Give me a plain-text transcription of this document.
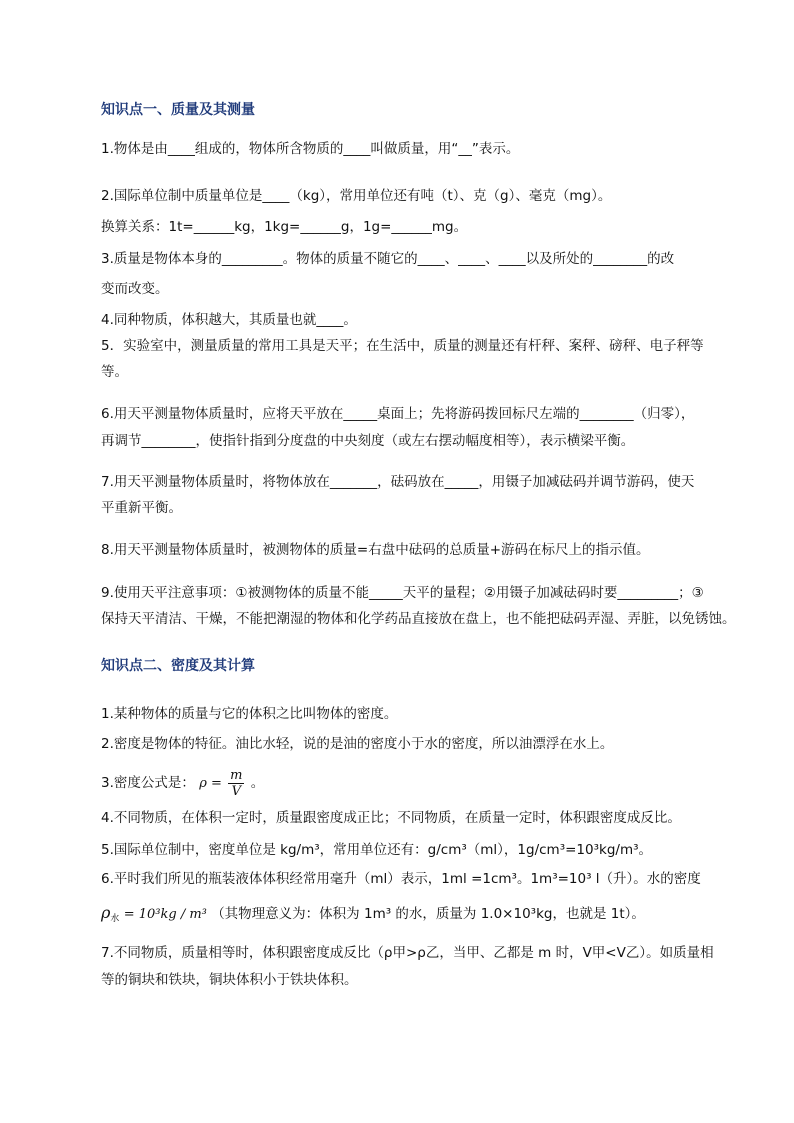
知识点一、质量及其测量
1.物体是由____组成的，物体所含物质的____叫做质量，用“__”表示。
2.国际单位制中质量单位是____（kg），常用单位还有吨（t）、克（g）、毫克（mg）。
换算关系：1t=______kg，1kg=______g，1g=______mg。
3.质量是物体本身的_________。物体的质量不随它的____、____、____以及所处的________的改
变而改变。
4.同种物质，体积越大，其质量也就____。
5．实验室中，测量质量的常用工具是天平；在生活中，质量的测量还有杆秤、案秤、磅秤、电子秤等
等。
6.用天平测量物体质量时，应将天平放在_____桌面上；先将游码拨回标尺左端的________（归零），
再调节________，使指针指到分度盘的中央刻度（或左右摆动幅度相等），表示横梁平衡。
7.用天平测量物体质量时，将物体放在_______，砝码放在_____，用镊子加减砝码并调节游码，使天
平重新平衡。
8.用天平测量物体质量时，被测物体的质量=右盘中砝码的总质量+游码在标尺上的指示值。
9.使用天平注意事项：①被测物体的质量不能_____天平的量程；②用镊子加减砝码时要_________；③
保持天平清洁、干燥，不能把潮湿的物体和化学药品直接放在盘上，也不能把砝码弄湿、弄脏，以免锈蚀。
知识点二、密度及其计算
1.某种物体的质量与它的体积之比叫物体的密度。
2.密度是物体的特征。油比水轻，说的是油的密度小于水的密度，所以油漂浮在水上。
3.密度公式是： $\rho = \frac{m}{V}$ 。
4.不同物质，在体积一定时，质量跟密度成正比；不同物质，在质量一定时，体积跟密度成反比。
5.国际单位制中，密度单位是 kg/m³，常用单位还有：g/cm³（ml），1g/cm³=10³kg/m³。
6.平时我们所见的瓶装液体体积经常用毫升（ml）表示，1ml =1cm³。1m³=10³ l（升）。水的密度
$\rho_水 = 10^3kg / m^3$ （其物理意义为：体积为 1m³ 的水，质量为 1.0×10³kg，也就是 1t）。
7.不同物质，质量相等时，体积跟密度成反比（ρ甲>ρ乙，当甲、乙都是 m 时，V甲<V乙）。如质量相
等的铜块和铁块，铜块体积小于铁块体积。
